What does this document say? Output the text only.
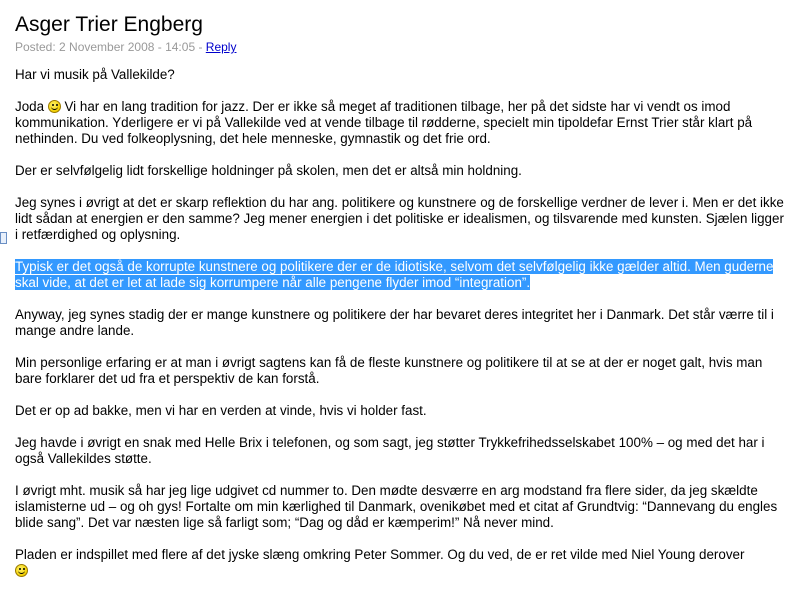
Asger Trier Engberg
Posted: 2 November 2008 - 14:05 - Reply
Har vi musik på Vallekilde?
Joda  Vi har en lang tradition for jazz. Der er ikke så meget af traditionen tilbage, her på det sidste har vi vendt os imod kommunikation. Yderligere er vi på Vallekilde ved at vende tilbage til rødderne, specielt min tipoldefar Ernst Trier står klart på nethinden. Du ved folkeoplysning, det hele menneske, gymnastik og det frie ord.
Der er selvfølgelig lidt forskellige holdninger på skolen, men det er altså min holdning.
Jeg synes i øvrigt at det er skarp reflektion du har ang. politikere og kunstnere og de forskellige verdner de lever i. Men er det ikke lidt sådan at energien er den samme? Jeg mener energien i det politiske er idealismen, og tilsvarende med kunsten. Sjælen ligger i retfærdighed og oplysning.
Typisk er det også de korrupte kunstnere og politikere der er de idiotiske, selvom det selvfølgelig ikke gælder altid. Men guderne skal vide, at det er let at lade sig korrumpere når alle pengene flyder imod “integration”.
Anyway, jeg synes stadig der er mange kunstnere og politikere der har bevaret deres integritet her i Danmark. Det står værre til i mange andre lande.
Min personlige erfaring er at man i øvrigt sagtens kan få de fleste kunstnere og politikere til at se at der er noget galt, hvis man bare forklarer det ud fra et perspektiv de kan forstå.
Det er op ad bakke, men vi har en verden at vinde, hvis vi holder fast.
Jeg havde i øvrigt en snak med Helle Brix i telefonen, og som sagt, jeg støtter Trykkefrihedsselskabet 100% – og med det har i også Vallekildes støtte.
I øvrigt mht. musik så har jeg lige udgivet cd nummer to. Den mødte desværre en arg modstand fra flere sider, da jeg skældte islamisterne ud – og oh gys! Fortalte om min kærlighed til Danmark, ovenikøbet med et citat af Grundtvig: “Dannevang du engles blide sang”. Det var næsten lige så farligt som; “Dag og dåd er kæmperim!” Nå never mind.
Pladen er indspillet med flere af det jyske slæng omkring Peter Sommer. Og du ved, de er ret vilde med Niel Young derover
